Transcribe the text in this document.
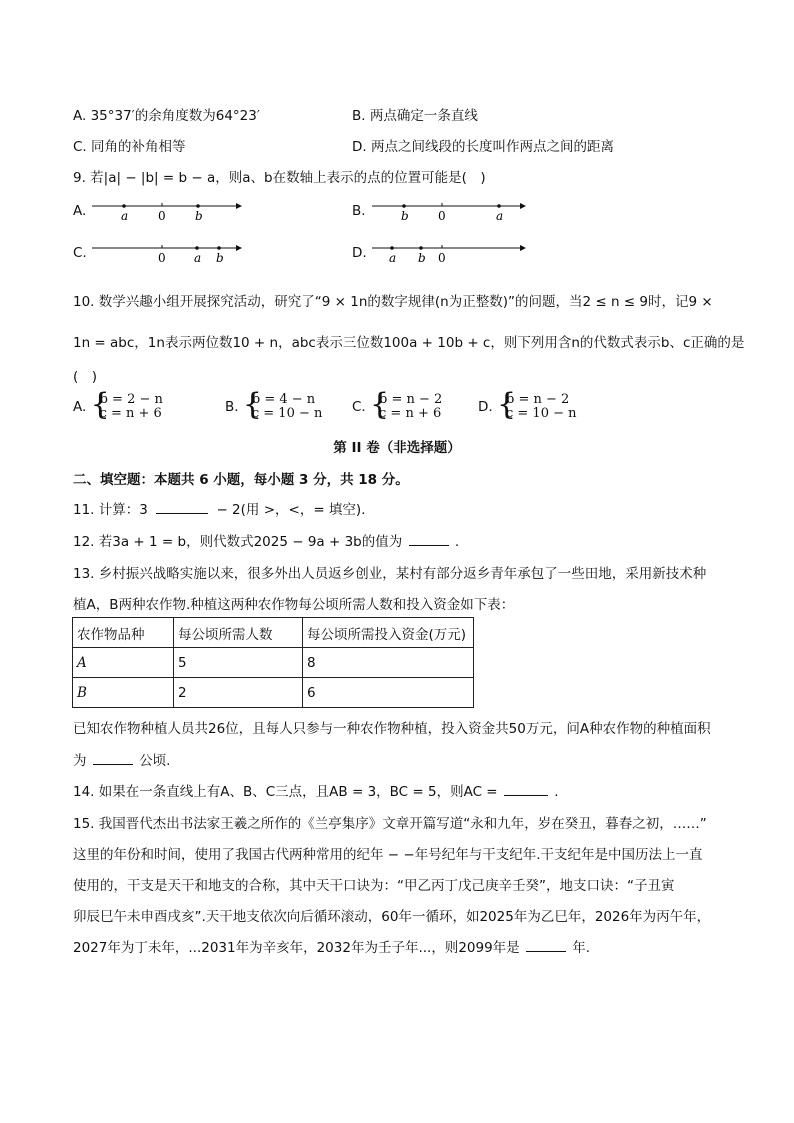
A. 35°37′的余角度数为64°23′	B. 两点确定一条直线
C. 同角的补角相等	D. 两点之间线段的长度叫作两点之间的距离
9. 若|a| − |b| = b − a，则a、b在数轴上表示的点的位置可能是(　)
A.	a 0 b	B.	b 0	a
C.	0 a b	D. a b 0
10. 数学兴趣小组开展探究活动，研究了“9 × 1n的数字规律(n为正整数)”的问题，当2 ≤ n ≤ 9时，记9 ×
1n = abc，1n表示两位数10 + n，abc表示三位数100a + 10b + c，则下列用含n的代数式表示b、c正确的是
(　)
A. {
b = 2 − n
c = n + 6	B. {
b = 4 − n
c = 10 − n C. {
b = n − 2
c = n + 6	D. {
b = n − 2
c = 10 − n
第 II 卷（非选择题）
二、填空题：本题共 6 小题，每小题 3 分，共 18 分。
11. 计算：3	− 2(用 >，<，= 填空).
12. 若3a + 1 = b，则代数式2025 − 9a + 3b的值为	.
13. 乡村振兴战略实施以来，很多外出人员返乡创业，某村有部分返乡青年承包了一些田地，采用新技术种
植A，B两种农作物.种植这两种农作物每公顷所需人数和投入资金如下表：
农作物品种	每公顷所需人数	每公顷所需投入资金(万元)
A	5	8
B	2	6
已知农作物种植人员共26位，且每人只参与一种农作物种植，投入资金共50万元，问A种农作物的种植面积
为	公顷.
14. 如果在一条直线上有A、B、C三点，且AB = 3，BC = 5，则AC =	.
15. 我国晋代杰出书法家王羲之所作的《兰亭集序》文章开篇写道“永和九年，岁在癸丑，暮春之初，……”
这里的年份和时间，使用了我国古代两种常用的纪年 − −年号纪年与干支纪年.干支纪年是中国历法上一直
使用的，干支是天干和地支的合称，其中天干口诀为：“甲乙丙丁戊己庚辛壬癸”，地支口诀：“子丑寅
卯辰巳午未申酉戌亥”.天干地支依次向后循环滚动，60年一循环，如2025年为乙巳年，2026年为丙午年，
2027年为丁未年，...2031年为辛亥年，2032年为壬子年...，则2099年是	年.
